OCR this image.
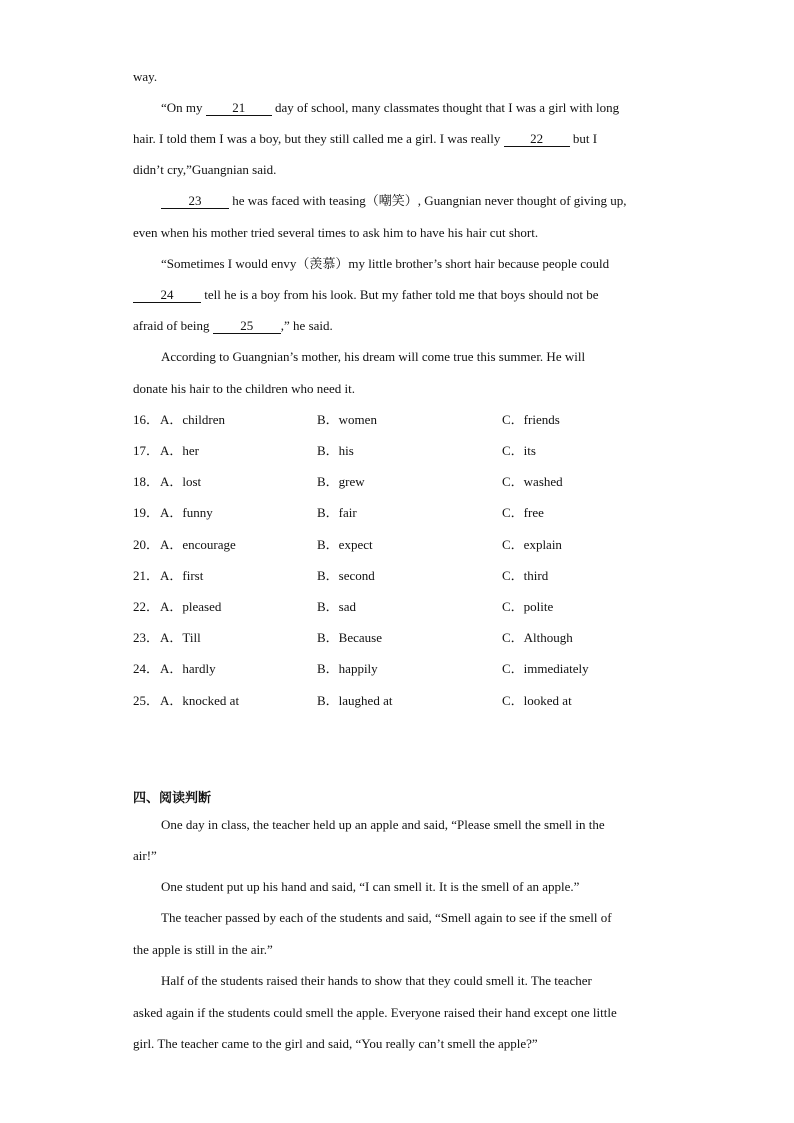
way.
“On my 21 day of school, many classmates thought that I was a girl with long
hair. I told them I was a boy, but they still called me a girl. I was really 22 but I
didn’t cry,”Guangnian said.
23 he was faced with teasing（嘲笑）, Guangnian never thought of giving up,
even when his mother tried several times to ask him to have his hair cut short.
“Sometimes I would envy（羡慕）my little brother’s short hair because people could
24 tell he is a boy from his look. But my father told me that boys should not be
afraid of being 25 ,” he said.
According to Guangnian’s mother, his dream will come true this summer. He will
donate his hair to the children who need it.
16． A．children	B．women	C．friends
17． A．her	B．his	C．its
18． A．lost	B．grew	C．washed
19． A．funny	B．fair	C．free
20． A．encourage	B．expect	C．explain
21． A．first	B．second	C．third
22． A．pleased	B．sad	C．polite
23． A．Till	B．Because	C．Although
24． A．hardly	B．happily	C．immediately
25． A．knocked at	B．laughed at	C．looked at
四、阅读判断
One day in class, the teacher held up an apple and said, “Please smell the smell in the
air!”
One student put up his hand and said, “I can smell it. It is the smell of an apple.”
The teacher passed by each of the students and said, “Smell again to see if the smell of
the apple is still in the air.”
Half of the students raised their hands to show that they could smell it. The teacher
asked again if the students could smell the apple. Everyone raised their hand except one little
girl. The teacher came to the girl and said, “You really can’t smell the apple?”
